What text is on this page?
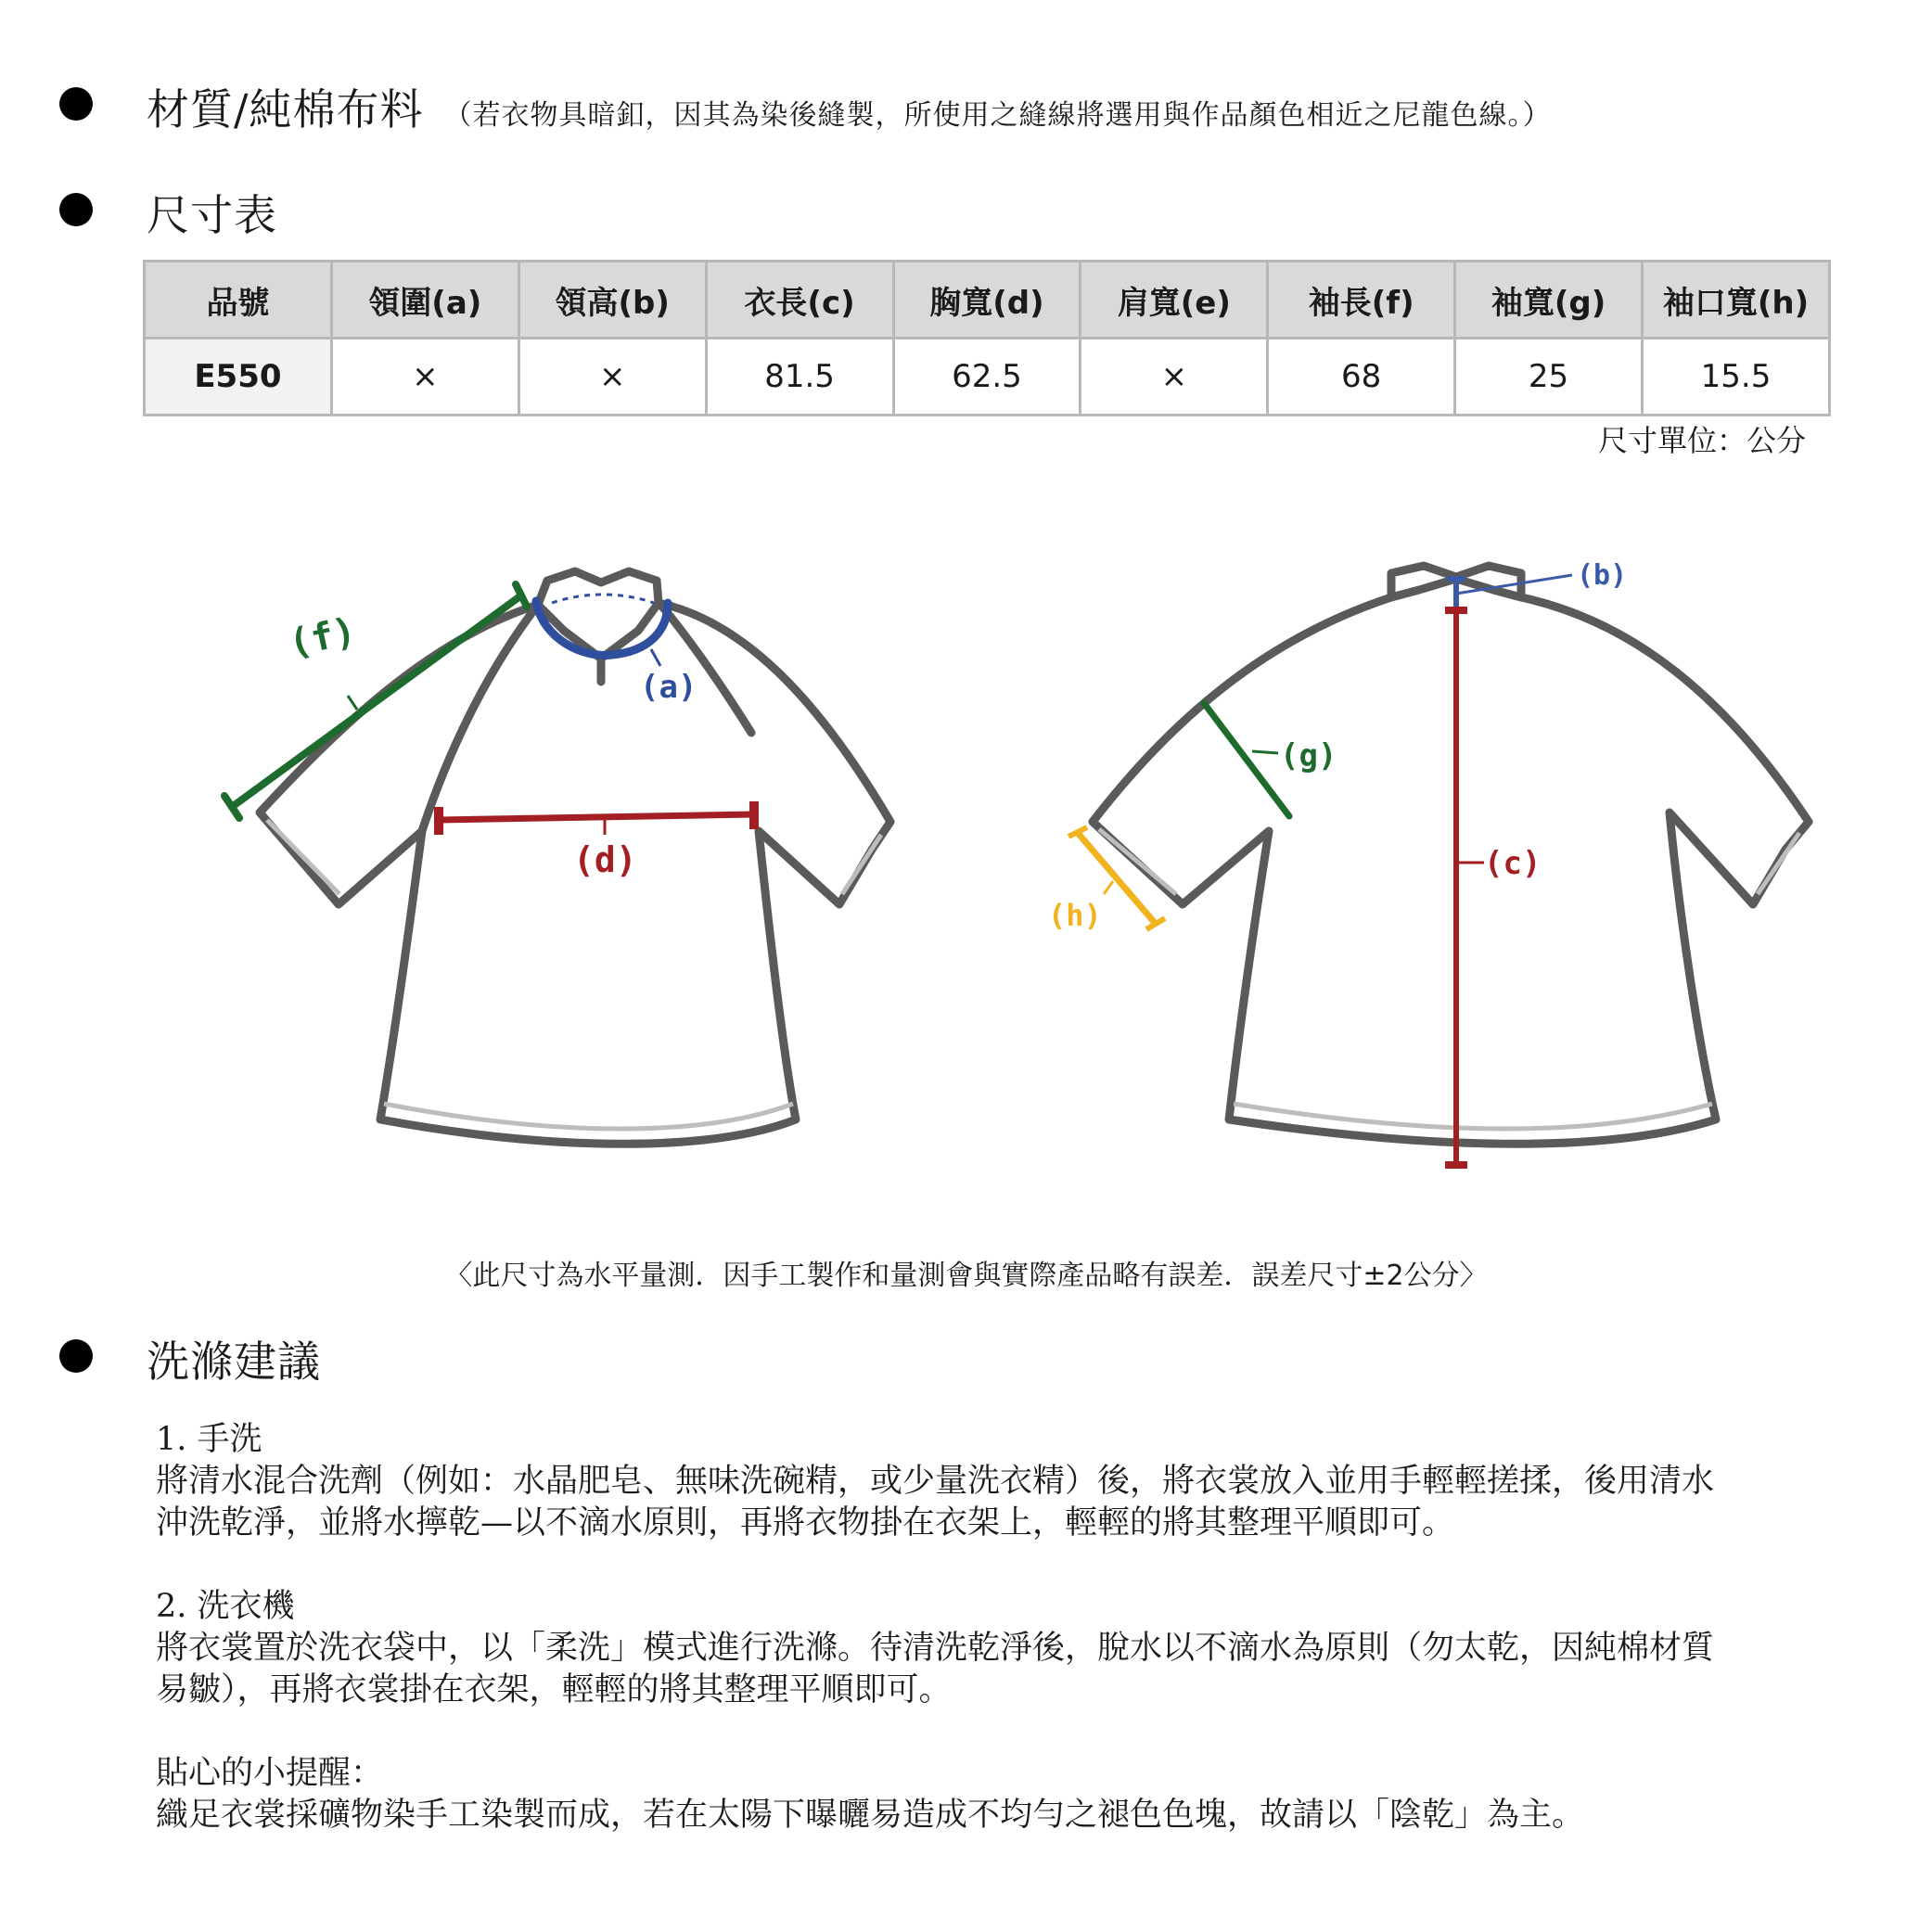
材質/純棉布料 （若衣物具暗釦，因其為染後縫製，所使用之縫線將選用與作品顏色相近之尼龍色線。）
尺寸表
品號	領圍(a)	領高(b)	衣長(c)	胸寬(d)	肩寬(e)	袖長(f)	袖寬(g)	袖口寬(h)
E550	×	×	81.5	62.5	×	68	25	15.5
尺寸單位：公分
(a)
(f)
(d)
(b)
(c)
(g)
(h)
〈此尺寸為水平量測．因手工製作和量測會與實際產品略有誤差．誤差尺寸±2公分〉
洗滌建議

1. 手洗

將清水混合洗劑（例如：水晶肥皂、無味洗碗精，或少量洗衣精）後，將衣裳放入並用手輕輕搓揉，後用清水

沖洗乾淨，並將水擰乾—以不滴水原則，再將衣物掛在衣架上，輕輕的將其整理平順即可。

2. 洗衣機

將衣裳置於洗衣袋中，以「柔洗」模式進行洗滌。待清洗乾淨後，脫水以不滴水為原則（勿太乾，因純棉材質

易皺），再將衣裳掛在衣架，輕輕的將其整理平順即可。

貼心的小提醒：

織足衣裳採礦物染手工染製而成，若在太陽下曝曬易造成不均勻之褪色色塊，故請以「陰乾」為主。
